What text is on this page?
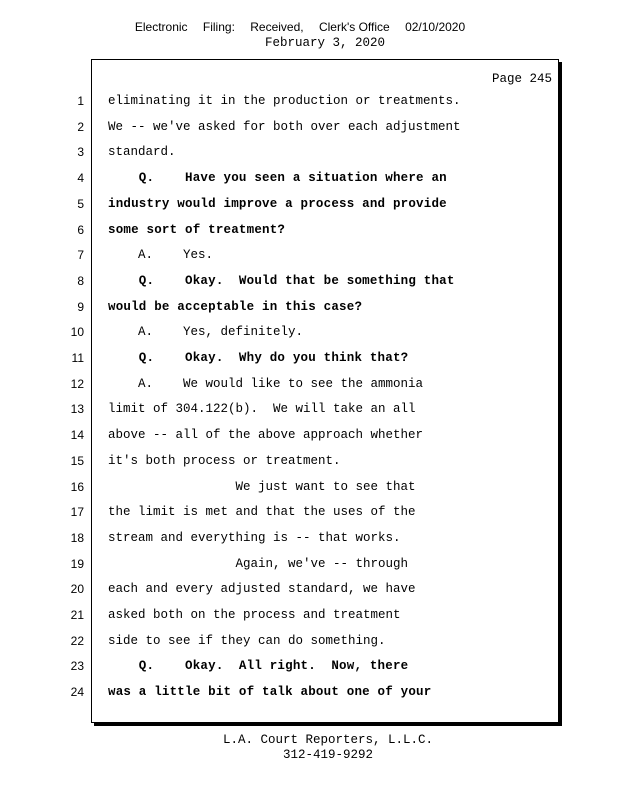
Electronic Filing: Received, Clerk's Office 02/10/2020
February 3, 2020
Page 245
1 eliminating it in the production or treatments.
2 We -- we've asked for both over each adjustment
3 standard.
4 Q.    Have you seen a situation where an
5 industry would improve a process and provide
6 some sort of treatment?
7 A.    Yes.
8 Q.    Okay.  Would that be something that
9 would be acceptable in this case?
10 A.    Yes, definitely.
11 Q.    Okay.  Why do you think that?
12 A.    We would like to see the ammonia
13 limit of 304.122(b).  We will take an all
14 above -- all of the above approach whether
15 it's both process or treatment.
16 We just want to see that
17 the limit is met and that the uses of the
18 stream and everything is -- that works.
19 Again, we've -- through
20 each and every adjusted standard, we have
21 asked both on the process and treatment
22 side to see if they can do something.
23 Q.    Okay.  All right.  Now, there
24 was a little bit of talk about one of your
L.A. Court Reporters, L.L.C.
312-419-9292
